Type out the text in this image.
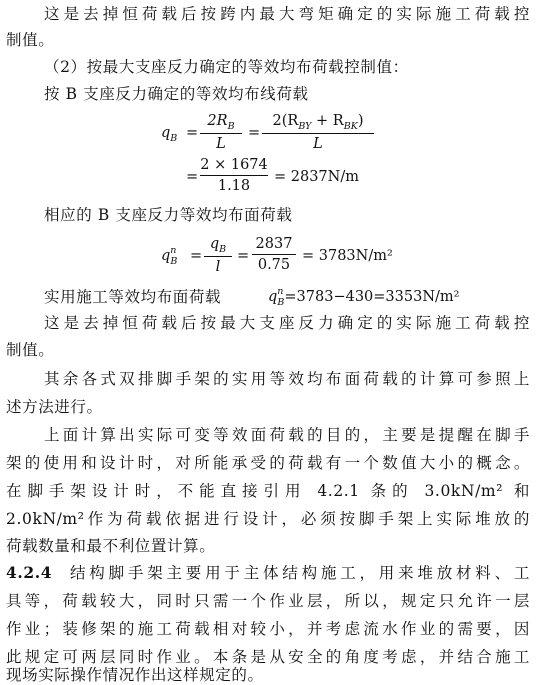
这是去掉恒荷载后按跨内最大弯矩确定的实际施工荷载控
制值。
（2）按最大支座反力确定的等效均布荷载控制值：
按 B 支座反力确定的等效均布线荷载
$q_B$ =
$2R_B$
L
=
$2(R_{BY} + R_{BK})$
L
=
2 × 1674
1.18
= 2837N/m
相应的 B 支座反力等效均布面荷载
$q^n_B$ =
$q_B$
l
=
2837
0.75
= 3783N/m²
实用施工等效均布面荷载	$q^n_B=3783-430=3353N/m^2$
这是去掉恒荷载后按最大支座反力确定的实际施工荷载控
制值。
其余各式双排脚手架的实用等效均布面荷载的计算可参照上
述方法进行。
上面计算出实际可变等效面荷载的目的，主要是提醒在脚手
架的使用和设计时，对所能承受的荷载有一个数值大小的概念。
在脚手架设计时，不能直接引用 4.2.1 条的 3.0kN/m² 和
2.0kN/m²作为荷载依据进行设计，必须按脚手架上实际堆放的
荷载数量和最不利位置计算。
4.2.4 结构脚手架主要用于主体结构施工，用来堆放材料、工
具等，荷载较大，同时只需一个作业层，所以，规定只允许一层
作业；装修架的施工荷载相对较小，并考虑流水作业的需要，因
此规定可两层同时作业。本条是从安全的角度考虑，并结合施工
现场实际操作情况作出这样规定的。
